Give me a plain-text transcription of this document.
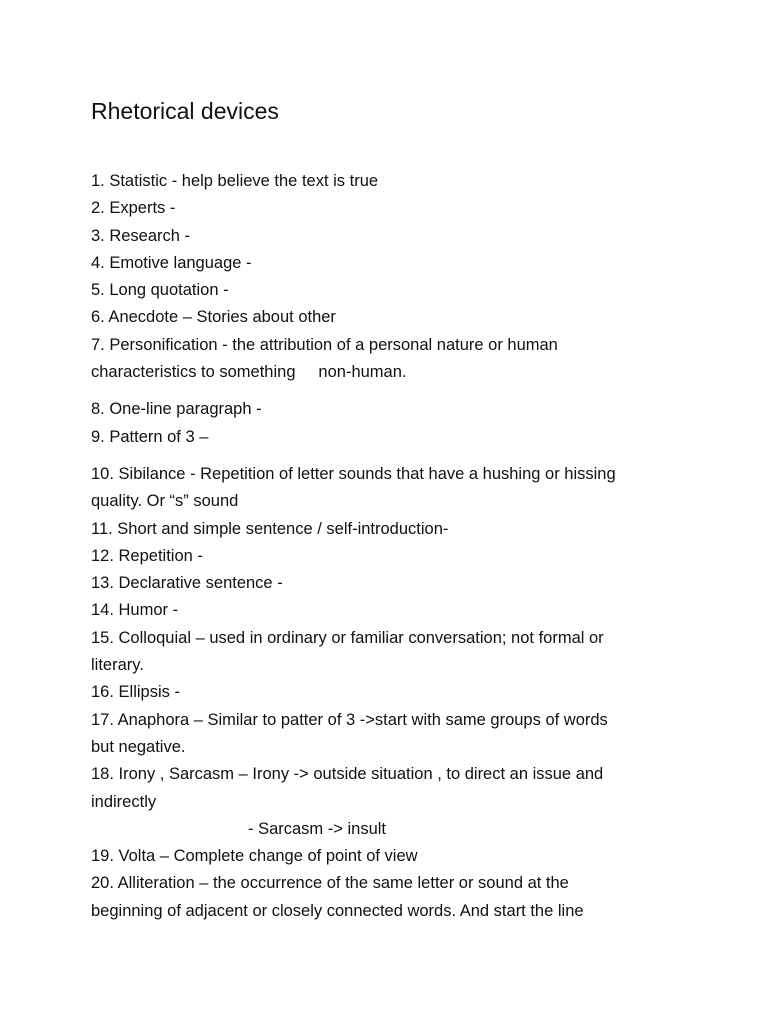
Rhetorical devices

1. Statistic - help believe the text is true

2. Experts -

3. Research -

4. Emotive language -

5. Long quotation -

6. Anecdote – Stories about other

7. Personification - the attribution of a personal nature or human
characteristics to something     non-human.

8. One-line paragraph -

9. Pattern of 3 –

10. Sibilance - Repetition of letter sounds that have a hushing or hissing
quality. Or “s” sound

11. Short and simple sentence / self-introduction-

12. Repetition -

13. Declarative sentence -

14. Humor -

15. Colloquial – used in ordinary or familiar conversation; not formal or
literary.

16. Ellipsis -

17. Anaphora – Similar to patter of 3 ->start with same groups of words
but negative.

18. Irony , Sarcasm – Irony -> outside situation , to direct an issue and
indirectly
- Sarcasm -> insult

19. Volta – Complete change of point of view

20. Alliteration – the occurrence of the same letter or sound at the
beginning of adjacent or closely connected words. And start the line
